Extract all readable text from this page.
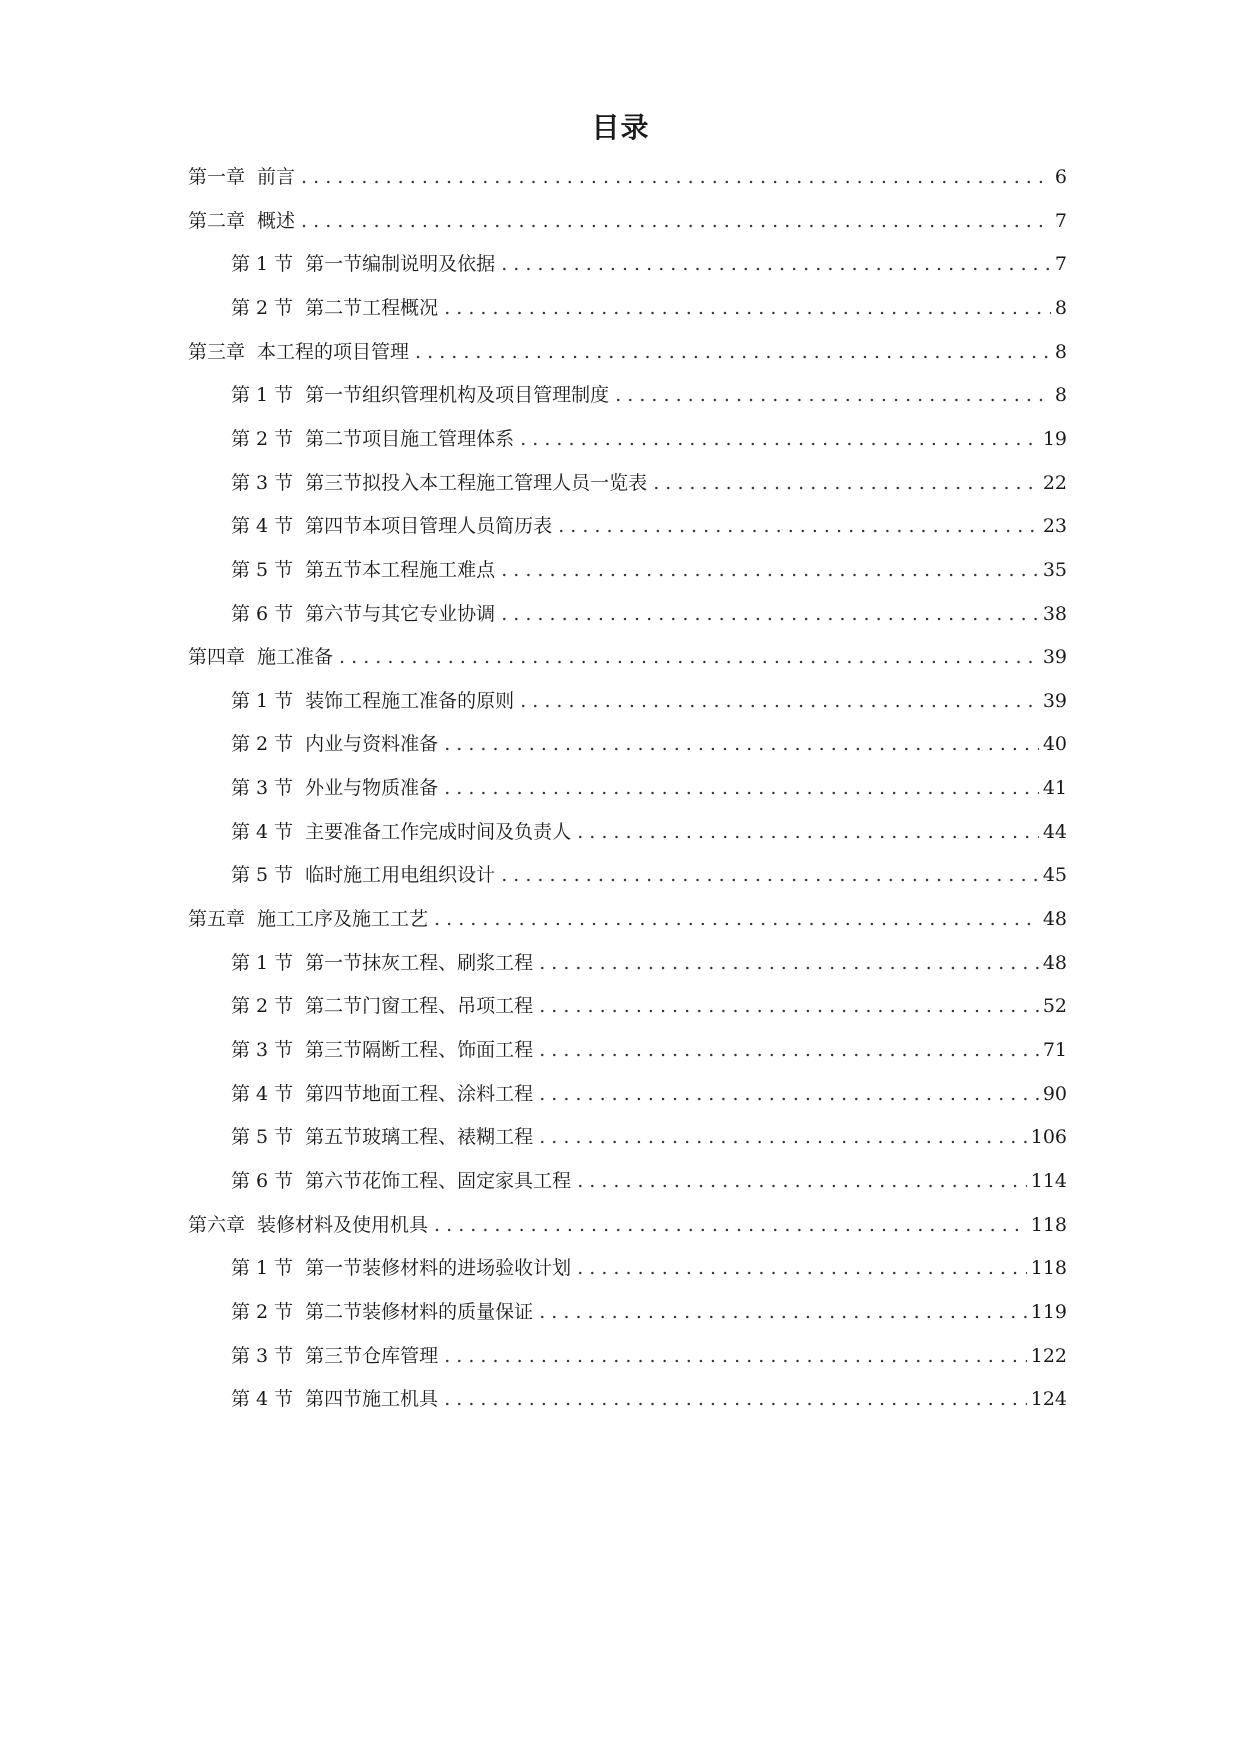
目录
第一章 前言 . . .	6
第二章 概述 . . .	7
第 1 节 第一节编制说明及依据 . . .	7
第 2 节 第二节工程概况 . . .	8
第三章 本工程的项目管理 . . .	8
第 1 节 第一节组织管理机构及项目管理制度 . . .	8
第 2 节 第二节项目施工管理体系 . . .	19
第 3 节 第三节拟投入本工程施工管理人员一览表 . . .	22
第 4 节 第四节本项目管理人员简历表 . . .	23
第 5 节 第五节本工程施工难点 . . .	35
第 6 节 第六节与其它专业协调 . . .	38
第四章 施工准备 . . .	39
第 1 节 装饰工程施工准备的原则 . . .	39
第 2 节 内业与资料准备 . . .	40
第 3 节 外业与物质准备 . . .	41
第 4 节 主要准备工作完成时间及负责人 . . .	44
第 5 节 临时施工用电组织设计 . . .	45
第五章 施工工序及施工工艺 . . .	48
第 1 节 第一节抹灰工程、刷浆工程 . . .	48
第 2 节 第二节门窗工程、吊项工程 . . .	52
第 3 节 第三节隔断工程、饰面工程 . . .	71
第 4 节 第四节地面工程、涂料工程 . . .	90
第 5 节 第五节玻璃工程、裱糊工程 . . .	106
第 6 节 第六节花饰工程、固定家具工程 . . .	114
第六章 装修材料及使用机具 . . .	118
第 1 节 第一节装修材料的进场验收计划 . . .	118
第 2 节 第二节装修材料的质量保证 . . .	119
第 3 节 第三节仓库管理 . . .	122
第 4 节 第四节施工机具 . . .	124
